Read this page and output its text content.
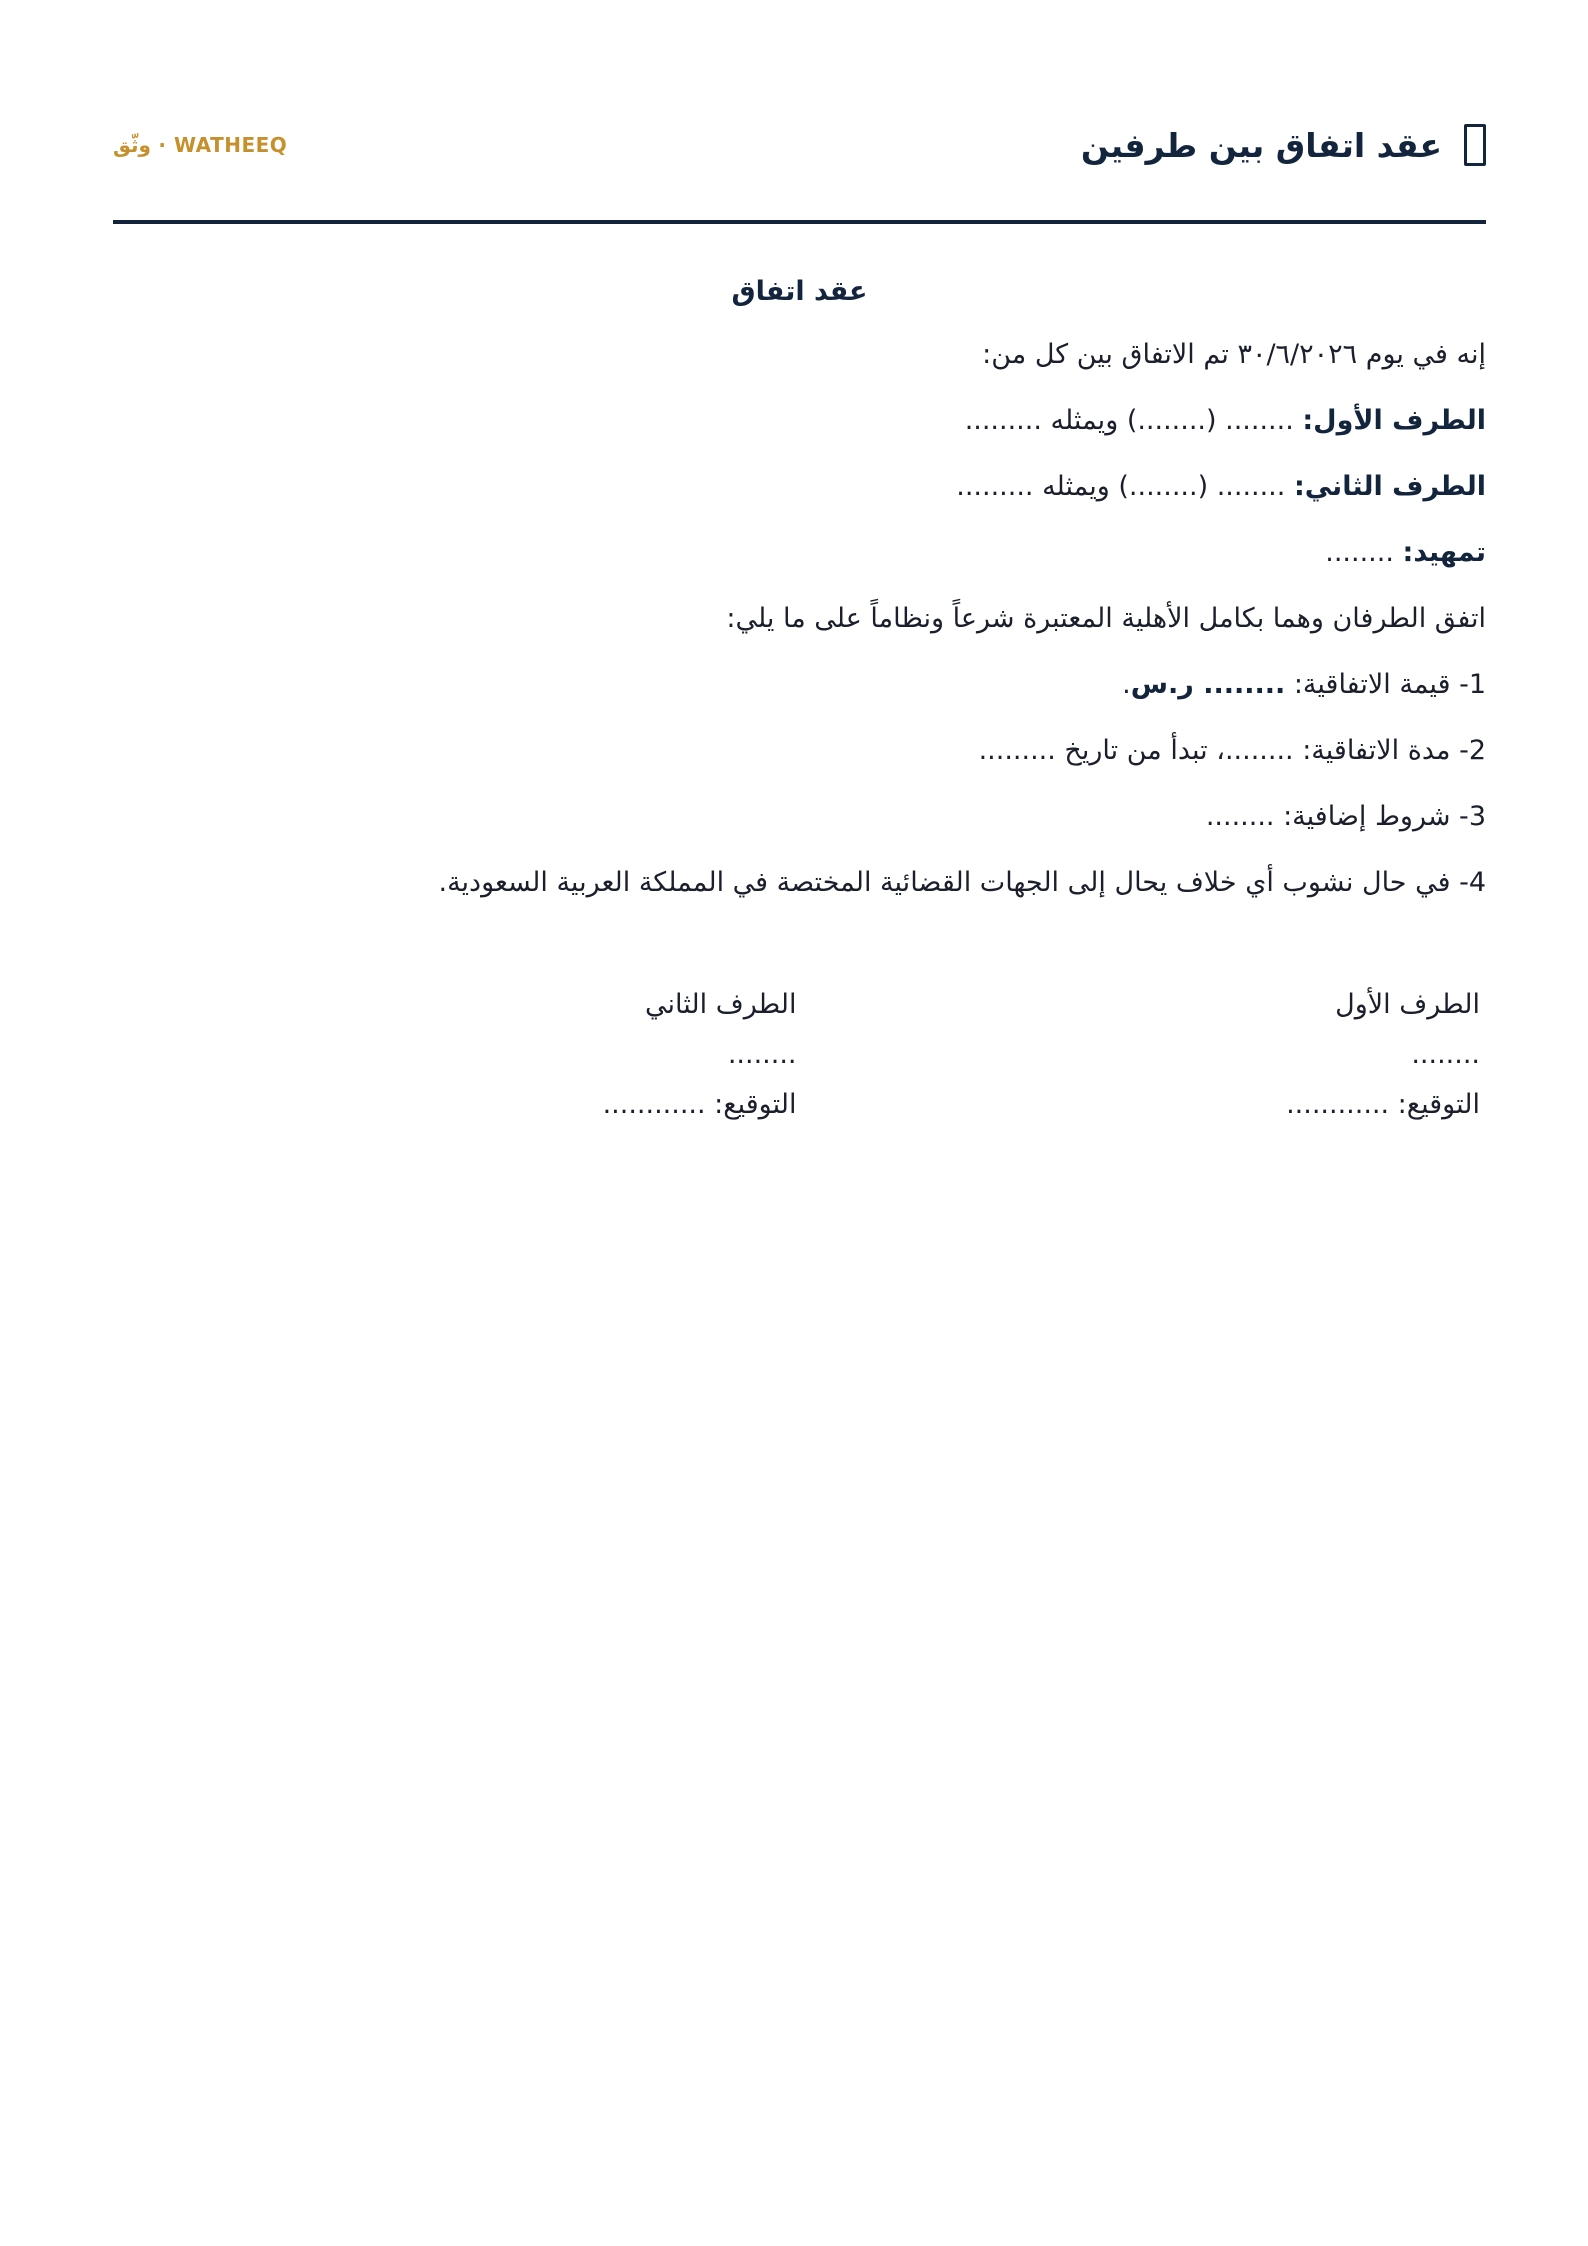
عقد اتفاق بين طرفين
WATHEEQ · وثّق
عقد اتفاق
إنه في يوم ٣٠/٦/٢٠٢٦ تم الاتفاق بين كل من:
الطرف الأول: ........ (........) ويمثله .........
الطرف الثاني: ........ (........) ويمثله .........
تمهيد: ........
اتفق الطرفان وهما بكامل الأهلية المعتبرة شرعاً ونظاماً على ما يلي:
1- قيمة الاتفاقية: ........ ر.س.
2- مدة الاتفاقية: ........، تبدأ من تاريخ .........
3- شروط إضافية: ........
4- في حال نشوب أي خلاف يحال إلى الجهات القضائية المختصة في المملكة العربية السعودية.
الطرف الأول
........
التوقيع: ............
الطرف الثاني
........
التوقيع: ............
